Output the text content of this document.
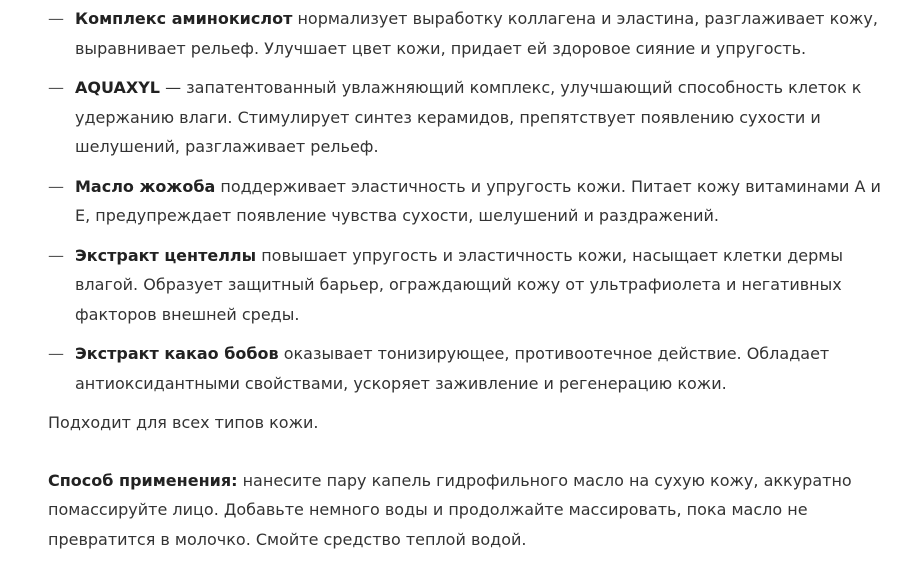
— Комплекс аминокислот нормализует выработку коллагена и эластина, разглаживает кожу, выравнивает рельеф. Улучшает цвет кожи, придает ей здоровое сияние и упругость.
— AQUAXYL — запатентованный увлажняющий комплекс, улучшающий способность клеток к удержанию влаги. Стимулирует синтез керамидов, препятствует появлению сухости и шелушений, разглаживает рельеф.
— Масло жожоба поддерживает эластичность и упругость кожи. Питает кожу витаминами А и Е, предупреждает появление чувства сухости, шелушений и раздражений.
— Экстракт центеллы повышает упругость и эластичность кожи, насыщает клетки дермы влагой. Образует защитный барьер, ограждающий кожу от ультрафиолета и негативных факторов внешней среды.
— Экстракт какао бобов оказывает тонизирующее, противоотечное действие. Обладает антиоксидантными свойствами, ускоряет заживление и регенерацию кожи.

Подходит для всех типов кожи.

Способ применения: нанесите пару капель гидрофильного масло на сухую кожу, аккуратно помассируйте лицо. Добавьте немного воды и продолжайте массировать, пока масло не превратится в молочко. Смойте средство теплой водой.
